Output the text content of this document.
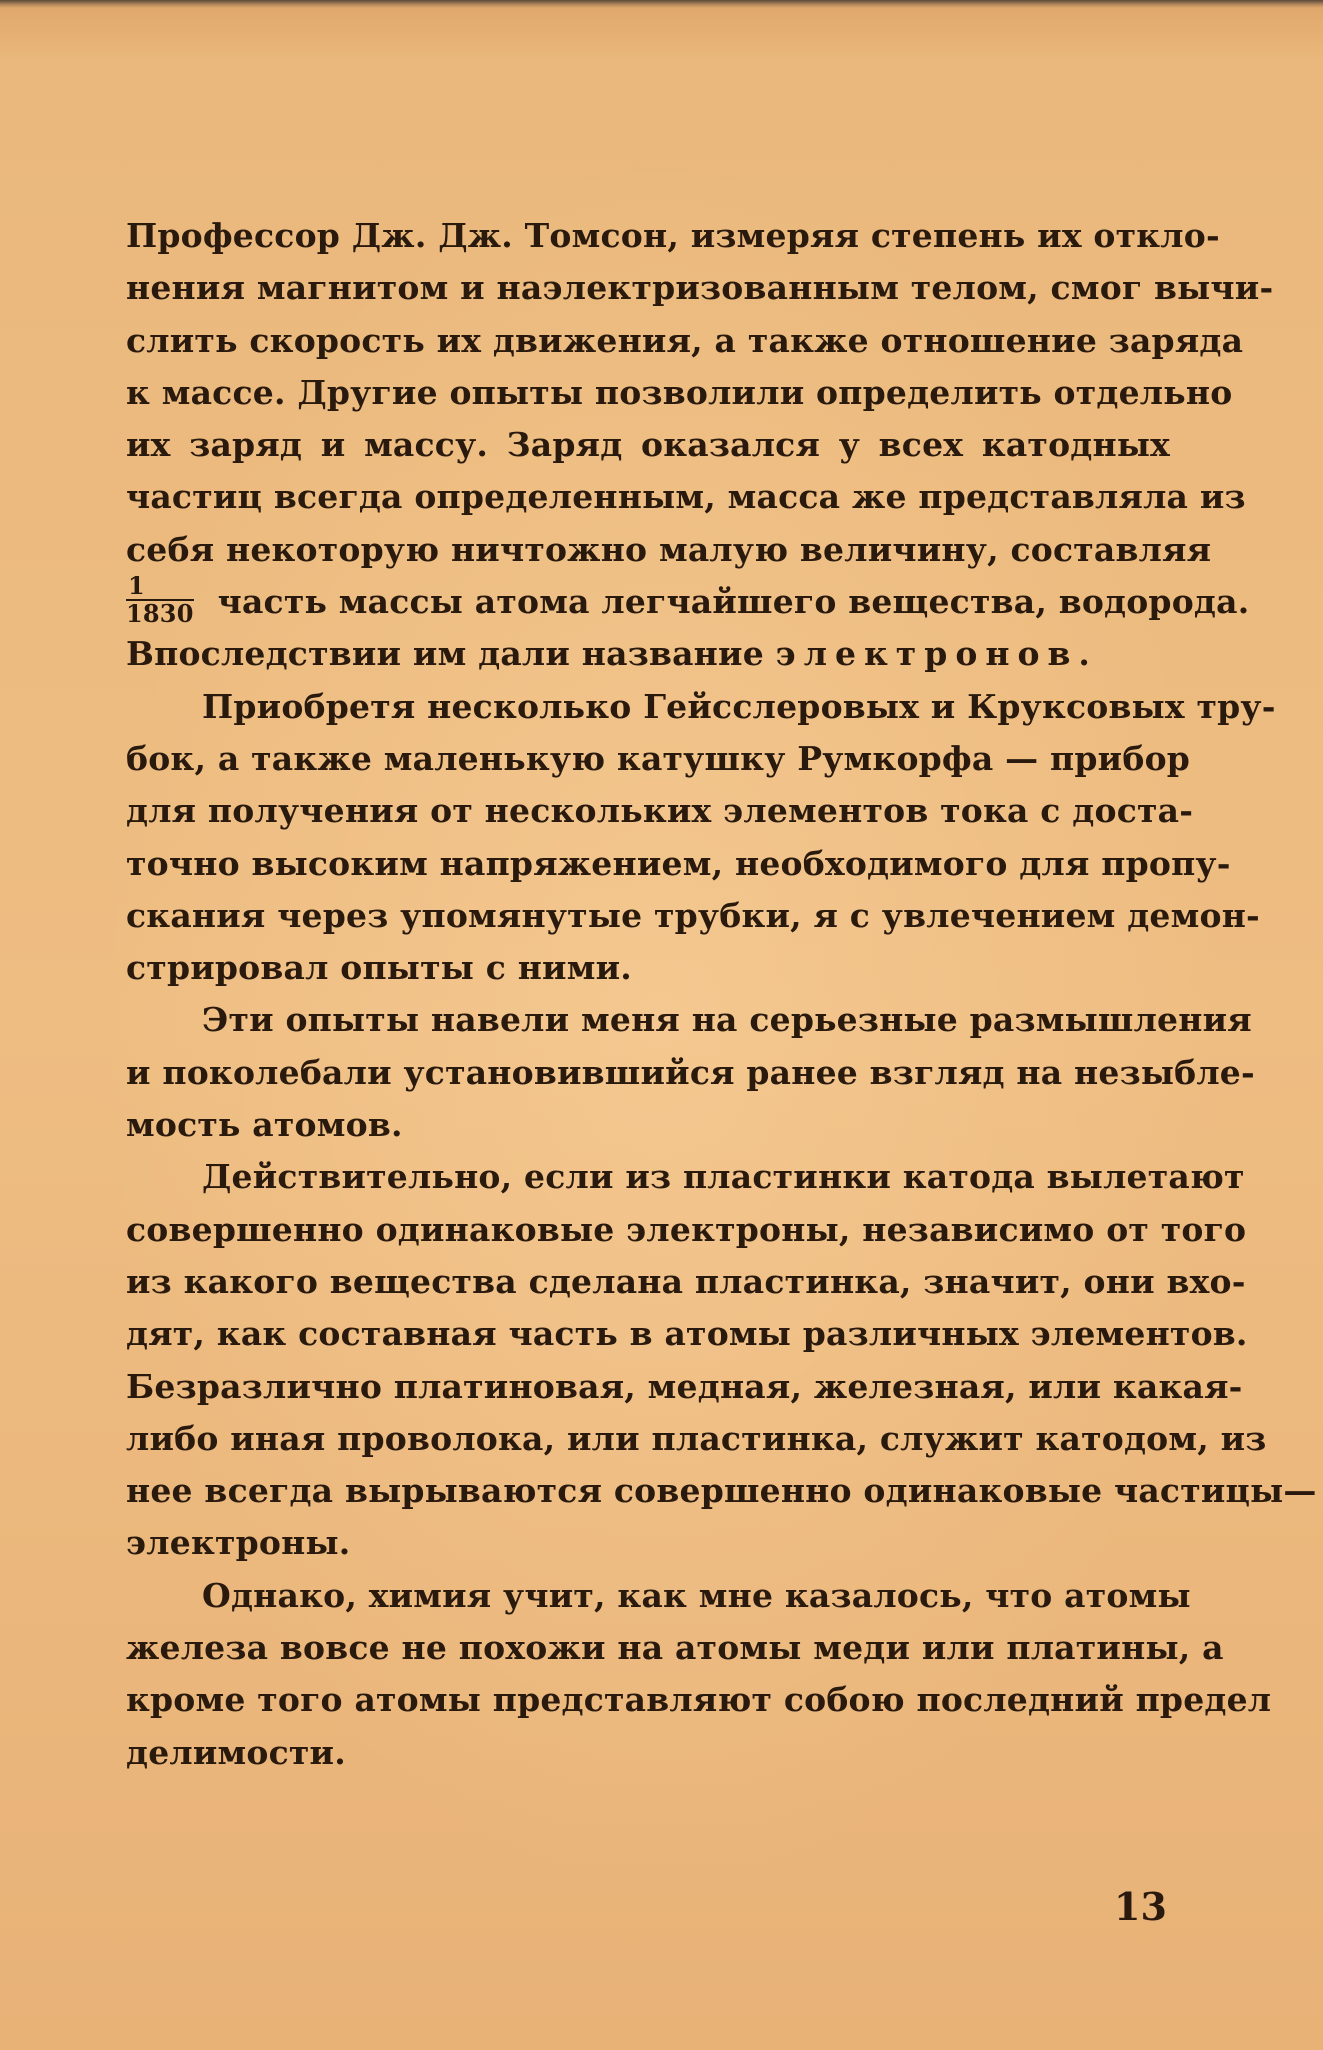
Профессор Дж. Дж. Томсон, измеряя степень их откло-
нения магнитом и наэлектризованным телом, смог вычи-
слить скорость их движения, а также отношение заряда
к массе. Другие опыты позволили определить отдельно
их заряд и массу. Заряд оказался у всех катодных
частиц всегда определенным, масса же представляла из
себя некоторую ничтожно малую величину, составляя
$\frac{1}{1830}$ часть массы атома легчайшего вещества, водорода.
Впоследствии им дали название электронов.
Приобретя несколько Гейсслеровых и Круксовых тру-
бок, а также маленькую катушку Румкорфа — прибор
для получения от нескольких элементов тока с доста-
точно высоким напряжением, необходимого для пропу-
скания через упомянутые трубки, я с увлечением демон-
стрировал опыты с ними.
Эти опыты навели меня на серьезные размышления
и поколебали установившийся ранее взгляд на незыбле-
мость атомов.
Действительно, если из пластинки катода вылетают
совершенно одинаковые электроны, независимо от того
из какого вещества сделана пластинка, значит, они вхо-
дят, как составная часть в атомы различных элементов.
Безразлично платиновая, медная, железная, или какая-
либо иная проволока, или пластинка, служит катодом, из
нее всегда вырываются совершенно одинаковые частицы—
электроны.
Однако, химия учит, как мне казалось, что атомы
железа вовсе не похожи на атомы меди или платины, а
кроме того атомы представляют собою последний предел
делимости.
13
